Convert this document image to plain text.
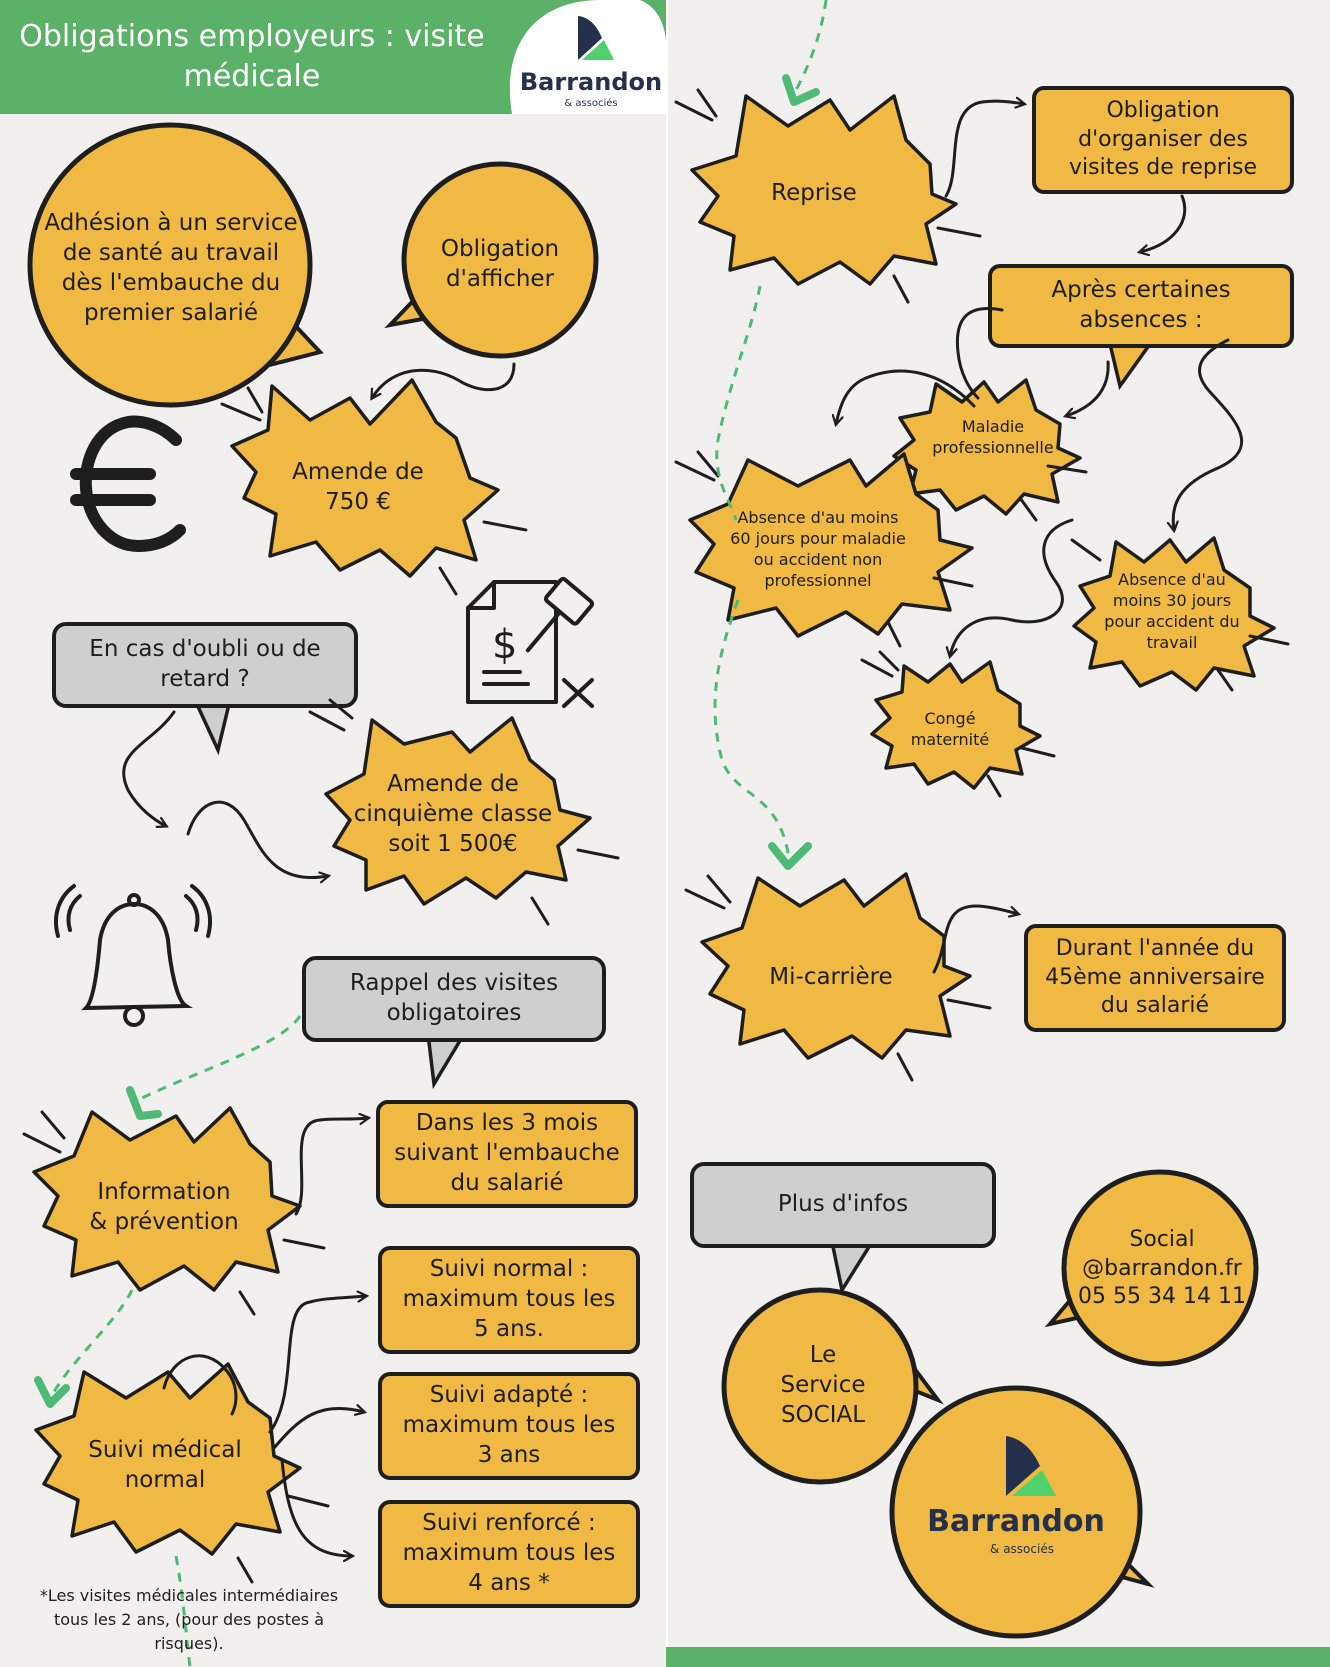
$
Obligations employeurs : visite
médicale	Barrandon
& associés
Adhésion à un service
de santé au travail
dès l'embauche du
premier salarié
Obligation
d'afficher
Amende de
750 €
En cas d'oubli ou de
retard ?
Amende de
cinquième classe
soit 1 500€
Rappel des visites
obligatoires
Information
& prévention
Dans les 3 mois
suivant l'embauche
du salarié
Suivi médical
normal
Suivi normal :
maximum tous les
5 ans.
Suivi adapté :
maximum tous les
3 ans
Suivi renforcé :
maximum tous les
4 ans *
*Les visites médicales intermédiaires
tous les 2 ans, (pour des postes à
risques).
Reprise
Obligation
d'organiser des
visites de reprise
Après certaines
absences :
Maladie
professionnelle
Absence d'au moins
60 jours pour maladie
ou accident non
professionnel	Absence d'au
moins 30 jours
pour accident du
travail
Congé
maternité
Mi-carrière
Durant l'année du
45ème anniversaire
du salarié
Plus d'infos
Social
@barrandon.fr
05 55 34 14 11
Le
Service
SOCIAL
Barrandon
& associés
